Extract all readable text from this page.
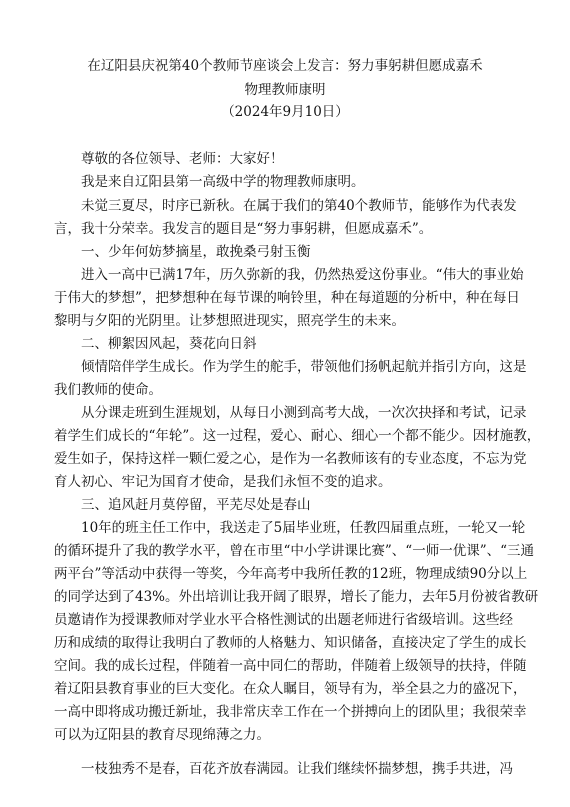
在辽阳县庆祝第40个教师节座谈会上发言：努力事躬耕但愿成嘉禾
物理教师康明
（2024年9月10日）
尊敬的各位领导、老师：大家好！
我是来自辽阳县第一高级中学的物理教师康明。
未觉三夏尽，时序已新秋。在属于我们的第40个教师节，能够作为代表发
言，我十分荣幸。我发言的题目是“努力事躬耕，但愿成嘉禾”。
一、少年何妨梦摘星，敢挽桑弓射玉衡
进入一高中已满17年，历久弥新的我，仍然热爱这份事业。“伟大的事业始
于伟大的梦想”，把梦想种在每节课的响铃里，种在每道题的分析中，种在每日
黎明与夕阳的光阴里。让梦想照进现实，照亮学生的未来。
二、柳絮因风起，葵花向日斜
倾情陪伴学生成长。作为学生的舵手，带领他们扬帆起航并指引方向，这是
我们教师的使命。
从分课走班到生涯规划，从每日小测到高考大战，一次次抉择和考试，记录
着学生们成长的“年轮”。这一过程，爱心、耐心、细心一个都不能少。因材施教，
爱生如子，保持这样一颗仁爱之心，是作为一名教师该有的专业态度，不忘为党
育人初心、牢记为国育才使命，是我们永恒不变的追求。
三、追风赶月莫停留，平芜尽处是春山
10年的班主任工作中，我送走了5届毕业班，任教四届重点班，一轮又一轮
的循环提升了我的教学水平，曾在市里“中小学讲课比赛”、“一师一优课”、“三通
两平台”等活动中获得一等奖，今年高考中我所任教的12班，物理成绩90分以上
的同学达到了43%。外出培训让我开阔了眼界，增长了能力，去年5月份被省教研
员邀请作为授课教师对学业水平合格性测试的出题老师进行省级培训。这些经
历和成绩的取得让我明白了教师的人格魅力、知识储备，直接决定了学生的成长
空间。我的成长过程，伴随着一高中同仁的帮助，伴随着上级领导的扶持，伴随
着辽阳县教育事业的巨大变化。在众人瞩目，领导有为，举全县之力的盛况下，
一高中即将成功搬迁新址，我非常庆幸工作在一个拼搏向上的团队里；我很荣幸
可以为辽阳县的教育尽现绵薄之力。
一枝独秀不是春，百花齐放春满园。让我们继续怀揣梦想，携手共进，冯
